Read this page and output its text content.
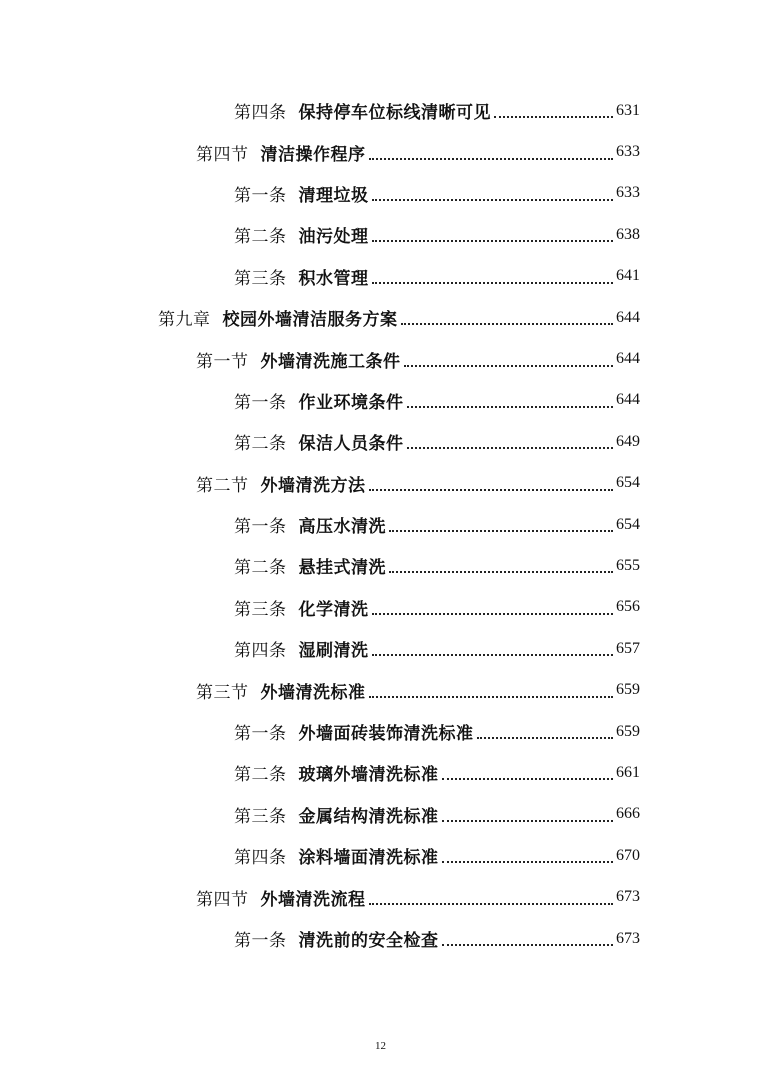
第四条 保持停车位标线清晰可见	631
第四节 清洁操作程序	633
第一条 清理垃圾	633
第二条 油污处理	638
第三条 积水管理	641
第九章 校园外墙清洁服务方案	644
第一节 外墙清洗施工条件	644
第一条 作业环境条件	644
第二条 保洁人员条件	649
第二节 外墙清洗方法	654
第一条 高压水清洗	654
第二条 悬挂式清洗	655
第三条 化学清洗	656
第四条 湿刷清洗	657
第三节 外墙清洗标准	659
第一条 外墙面砖装饰清洗标准	659
第二条 玻璃外墙清洗标准	661
第三条 金属结构清洗标准	666
第四条 涂料墙面清洗标准	670
第四节 外墙清洗流程	673
第一条 清洗前的安全检查	673
12
